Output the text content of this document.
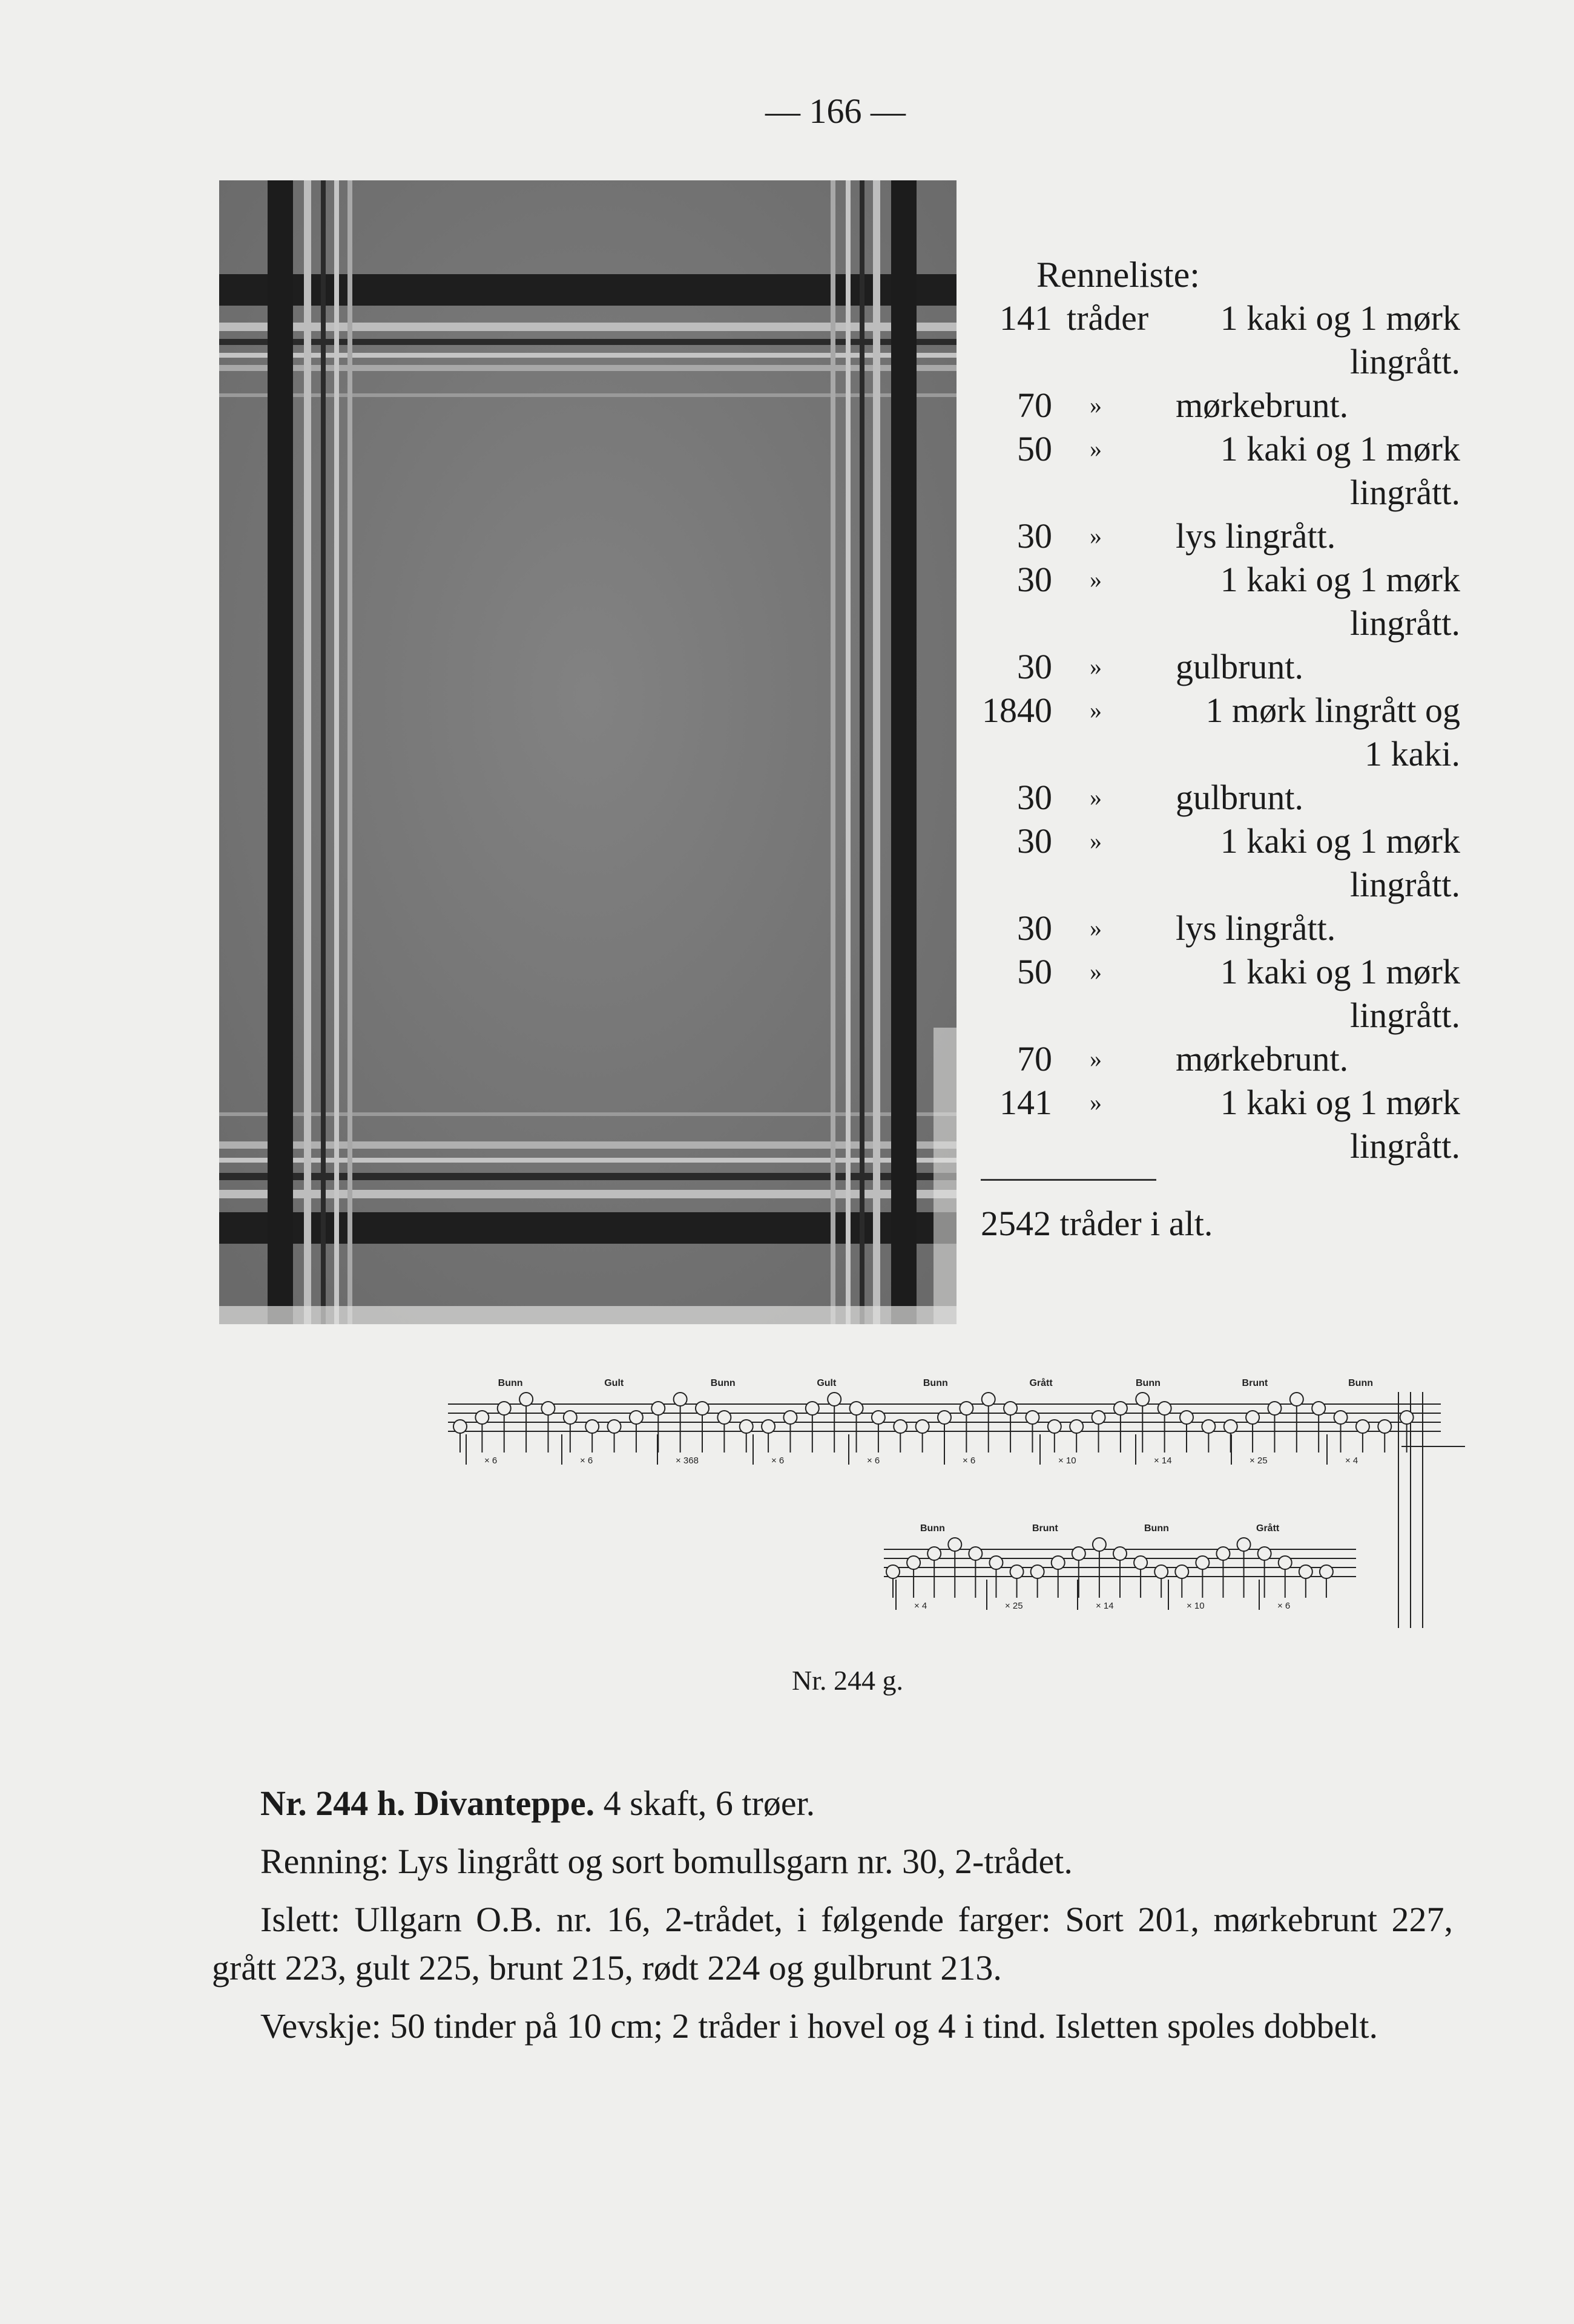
— 166 —
Renneliste:
141 tråder	1 kaki og 1 mørk
lingrått.
70 »	mørkebrunt.
50 »	1 kaki og 1 mørk
lingrått.
30 »	lys lingrått.
30 »	1 kaki og 1 mørk
lingrått.
30 »	gulbrunt.
1840 »	1 mørk lingrått og
1 kaki.
30 »	gulbrunt.
30 »	1 kaki og 1 mørk
lingrått.
30 »	lys lingrått.
50 »	1 kaki og 1 mørk
lingrått.
70 »	mørkebrunt.
141 »	1 kaki og 1 mørk
lingrått.
2542 tråder i alt.
Bunn	Gult	Bunn	Gult	Bunn	Grått	Bunn	Brunt	Bunn
× 6	× 6	× 368	× 6	× 6	× 6	× 10	× 14	× 25	× 4
Bunn	Brunt	Bunn	Grått
× 4	× 25	× 14	× 10	× 6
Nr. 244 g.

Nr. 244 h. Divanteppe. 4 skaft, 6 trøer.

Renning: Lys lingrått og sort bomullsgarn nr. 30, 2-trådet.

Islett: Ullgarn O.B. nr. 16, 2-trådet, i følgende farger: Sort 201, mørkebrunt 227, grått 223, gult 225, brunt 215, rødt 224 og gulbrunt 213.

Vevskje: 50 tinder på 10 cm; 2 tråder i hovel og 4 i tind. Isletten spoles dobbelt.
